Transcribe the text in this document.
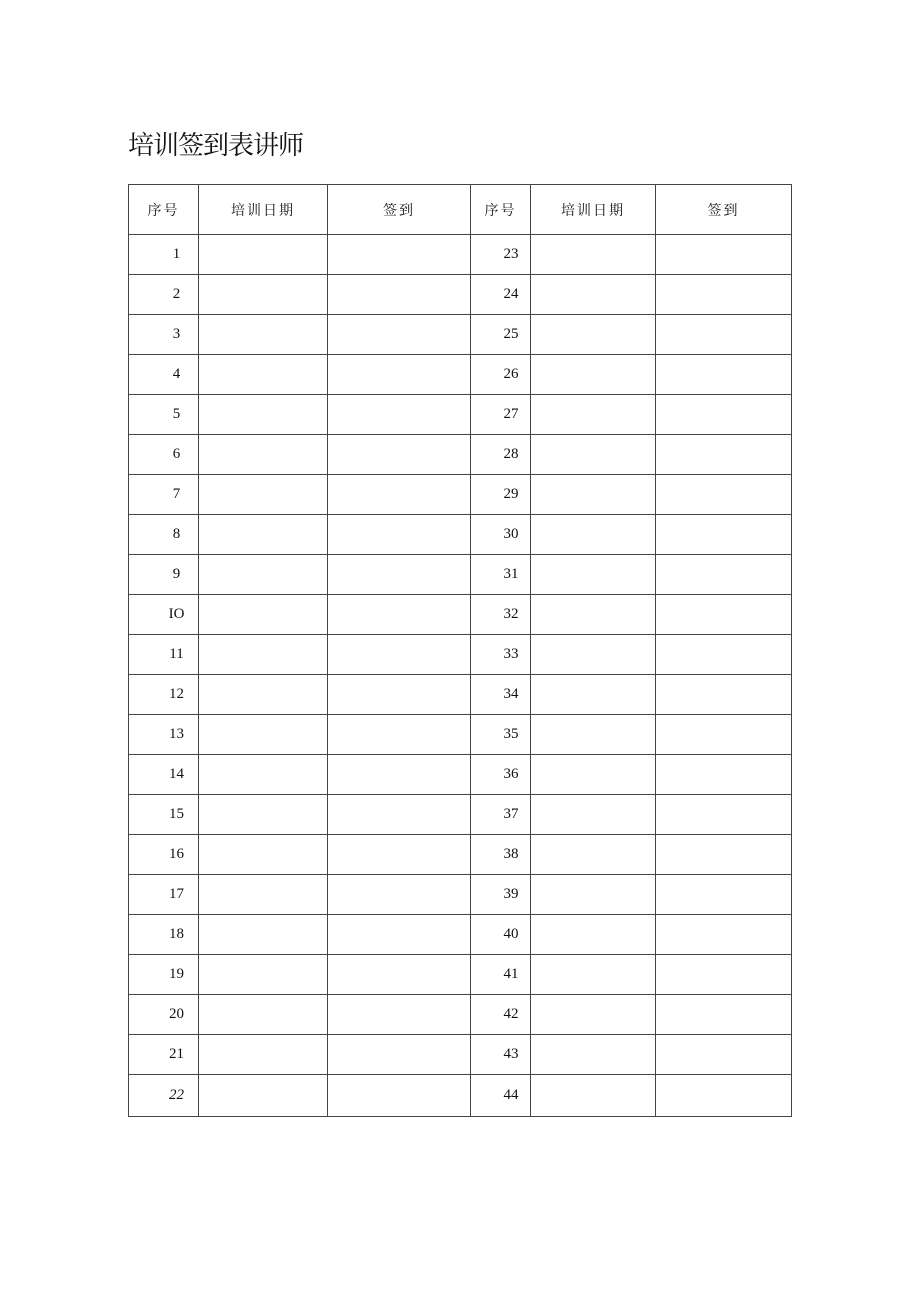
培训签到表讲师
序号	培训日期	签到	序号	培训日期	签到
1			23		
2			24		
3			25		
4			26		
5			27		
6			28		
7			29		
8			30		
9			31		
IO			32		
11			33		
12			34		
13			35		
14			36		
15			37		
16			38		
17			39		
18			40		
19			41		
20			42		
21			43		
22			44		
